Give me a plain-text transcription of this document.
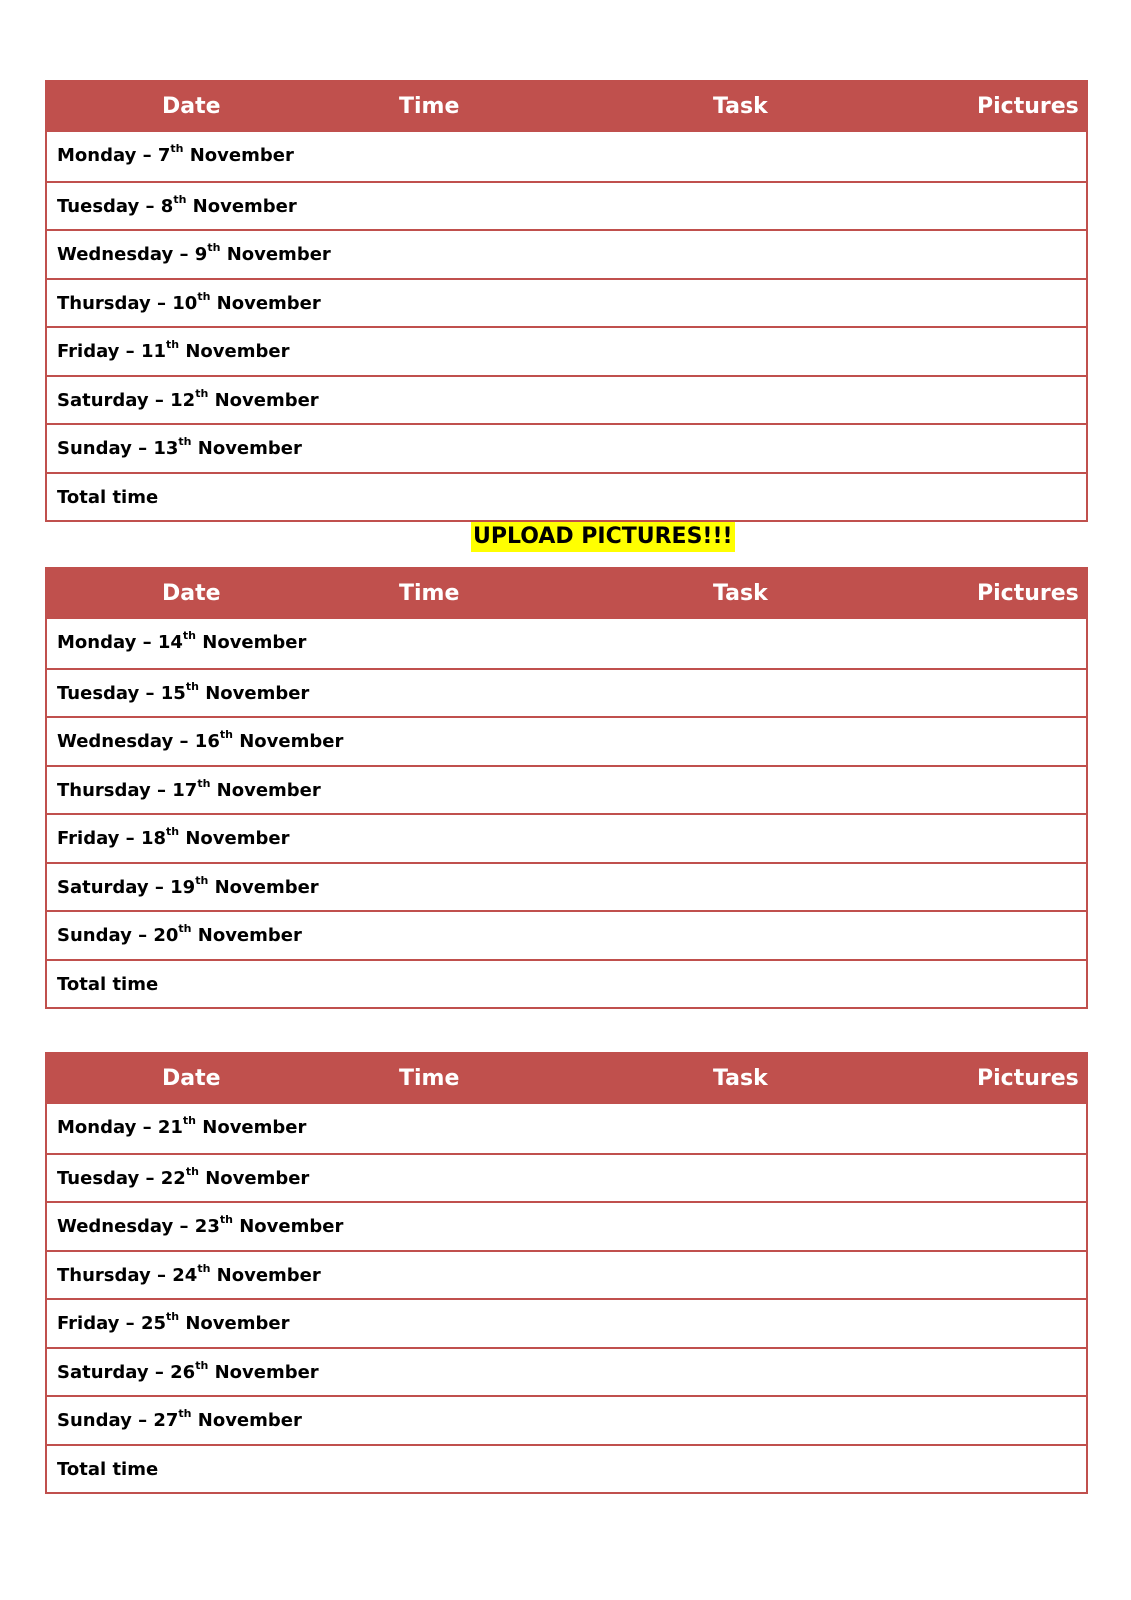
Date	Time	Task	Pictures
Monday – 7th November
Tuesday – 8th November
Wednesday – 9th November
Thursday – 10th November
Friday – 11th November
Saturday – 12th November
Sunday – 13th November
Total time
UPLOAD PICTURES!!!
Date	Time	Task	Pictures
Monday – 14th November
Tuesday – 15th November
Wednesday – 16th November
Thursday – 17th November
Friday – 18th November
Saturday – 19th November
Sunday – 20th November
Total time
Date	Time	Task	Pictures
Monday – 21th November
Tuesday – 22th November
Wednesday – 23th November
Thursday – 24th November
Friday – 25th November
Saturday – 26th November
Sunday – 27th November
Total time
